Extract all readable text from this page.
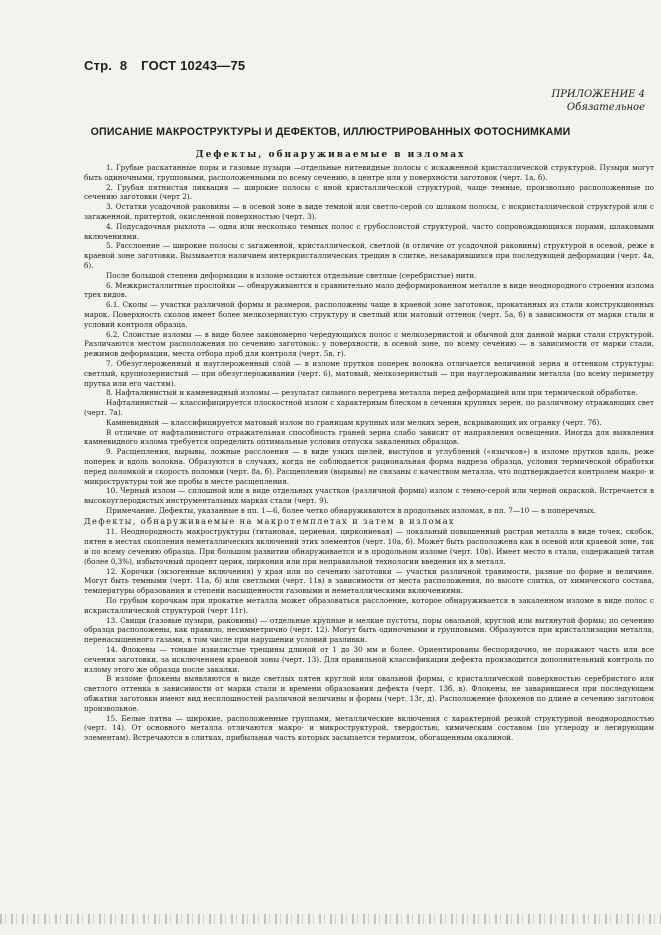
Стр. 8 ГОСТ 10243—75
ПРИЛОЖЕНИЕ 4
Обязательное
ОПИСАНИЕ МАКРОСТРУКТУРЫ И ДЕФЕКТОВ, ИЛЛЮСТРИРОВАННЫХ ФОТОСНИМКАМИ
Дефекты, обнаруживаемые в изломах

1. Грубые раскатанные поры и газовые пузыри —отдельные нитевидные полосы с искаженной кристаллической структурой. Пузыри могут быть одиночными, групповыми, расположенными по всему сечению, в центре или у поверхности заготовок (черт. 1а, б).

2. Грубая пятнистая ликвация — широкие полосы с иной кристаллической структурой, чаще темные, произвольно расположенные по сечению заготовки (черт 2).

3. Остатки усадочной раковины — в осевой зоне в виде темной или светло-серой со шлаком полосы, с искристаллической структурой или с загаженной, притертой, окисленной поверхностью (черт. 3).

4. Подусадочная рыхлота — одна или несколько темных полос с грубослоистой структурой, часто сопровождающихся порами, шлаковыми включениями.

5. Расслоение — широкие полосы с загаженной, кристаллической, светлой (в отличие от усадочной раковины) структурой в осевой, реже в краевой зоне заготовки. Вызывается наличием интеркристаллических трещин в слитке, незаварившихся при последующей деформации (черт. 4а, б).

После большой степени деформации в изломе остаются отдельные светлые (серебристые) нити.

6. Межкристаллитные прослойки — обнаруживаются в сравнительно мало деформированном металле в виде неоднородного строения излома трех видов.

6.1. Сколы — участки различной формы и размеров, расположены чаще в краевой зоне заготовок, прокатанных из стали конструкционных марок. Поверхность сколов имеет более мелкозернистую структуру и светлый или матовый оттенок (черт. 5а, б) в зависимости от марки стали и условий контроля образца.

6.2. Слоистые изломы — в виде более закономерно чередующихся полос с мелкозернистой и обычной для данной марки стали структурой. Различаются местом расположения по сечению заготовок: у поверхности, в осевой зоне, по всему сечению — в зависимости от марки стали, режимов деформации, места отбора проб для контроля (черт. 5в, г).

7. Обезуглероженный и науглероженный слой — в изломе прутков поперек волокна отличается величиной зерна и оттенком структуры: светлый, крупнозернистый — при обезуглероживании (черт. 6), матовый, мелкозернистый — при науглероживании металла (по всему периметру прутка или его частям).

8. Нафталинистый и камневидный изломы — результат сильного перегрева металла перед деформацией или при термической обработке.

Нафталинистый — классифицируется плоскостной излом с характерным блеском в сечении крупных зерен, по различному отражающих свет (черт. 7а).

Камневидный — классифицируется матовый излом по границам крупных или мелких зерен, вскрывающих их огранку (черт. 7б).

В отличие от нафталинистого отражательная способность граней зерна слабо зависит от направления освещения. Иногда для выявления камневидного излома требуется определить оптимальные условия отпуска закаленных образцов.

9. Расщепления, вырывы, ложные расслоения — в виде узких щелей, выступов и углублений («язычков») в изломе прутков вдоль, реже поперек и вдоль волокна. Образуются в случаях, когда не соблюдается рациональная форма надреза образца, условия термической обработки перед поломкой и скорость поломки (черт. 8а, б). Расщепления (вырывы) не связаны с качеством металла, что подтверждается контролем макро- и микроструктуры той же пробы в месте расщепления.

10. Черный излом — сплошной или в виде отдельных участков (различной формы) излом с темно-серой или черной окраской. Встречается в высокоуглеродистых инструментальных марках стали (черт. 9).

Примечание. Дефекты, указанные в пп. 1—6, более четко обнаруживаются в продольных изломах, в пп. 7—10 — в поперечных.

Дефекты, обнаруживаемые на макротемплетах и затем в изломах

11. Неоднородность макроструктуры (титановая, цериевая, циркониевая) — локальный повышенный растрав металла в виде точек, скобок, пятен в местах скопления неметаллических включений этих элементов (черт. 10а, б). Может быть расположена как в осевой или краевой зоне, так и по всему сечению образца. При большом развитии обнаруживается и в продольном изломе (черт. 10в). Имеет место в стали, содержащей титан (более 0,3%), избыточный процент церия, циркония или при неправильной технологии введения их в металл.

12. Корочки (экзогенные включения) у края или по сечению заготовки — участки различной травимости, разные по форме и величине. Могут быть темными (черт. 11а, б) или светлыми (черт. 11в) в зависимости от места расположения, по высоте слитка, от химического состава, температуры образования и степени насыщенности газовыми и неметаллическими включениями.

По грубым корочкам при прокатке металла может образоваться расслоение, которое обнаруживается в закаленном изломе в виде полос с искристаллической структурой (черт 11г).

13. Свищи (газовые пузыри, раковины) — отдельные крупные и мелкие пустоты, поры овальной, круглой или вытянутой формы; по сечению образца расположены, как правило, несимметрично (черт. 12). Могут быть одиночными и групповыми. Образуются при кристаллизации металла, перенасыщенного газами, в том числе при нарушении условий разливки.

14. Флокены — тонкие извилистые трещины длиной от 1 до 30 мм и более. Ориентированы беспорядочно, не поражают часть или все сечения заготовки, за исключением краевой зоны (черт. 13). Для правильной классификации дефекта производится дополнительный контроль по излому этого же образца после закалки.

В изломе флокены выявляются в виде светлых пятен круглой или овальной формы, с кристаллической поверхностью серебристого или светлого оттенка в зависимости от марки стали и времени образования дефекта (черт. 13б, в). Флокены, не заварившиеся при последующем обжатии заготовки имеют вид несплошностей различной величины и формы (черт. 13г, д). Расположение флокенов по длине и сечению заготовок произвольное.

15. Белые пятна — широкие, расположенные группами, металлические включения с характерной резкой структурной неоднородностью (черт. 14). От основного металла отличаются макро- и микроструктурой, твердостью, химическим составом (по углероду и легирующим элементам). Встречаются в слитках, прибыльная часть которых засыпается термитом, обогащенным окалиной.
